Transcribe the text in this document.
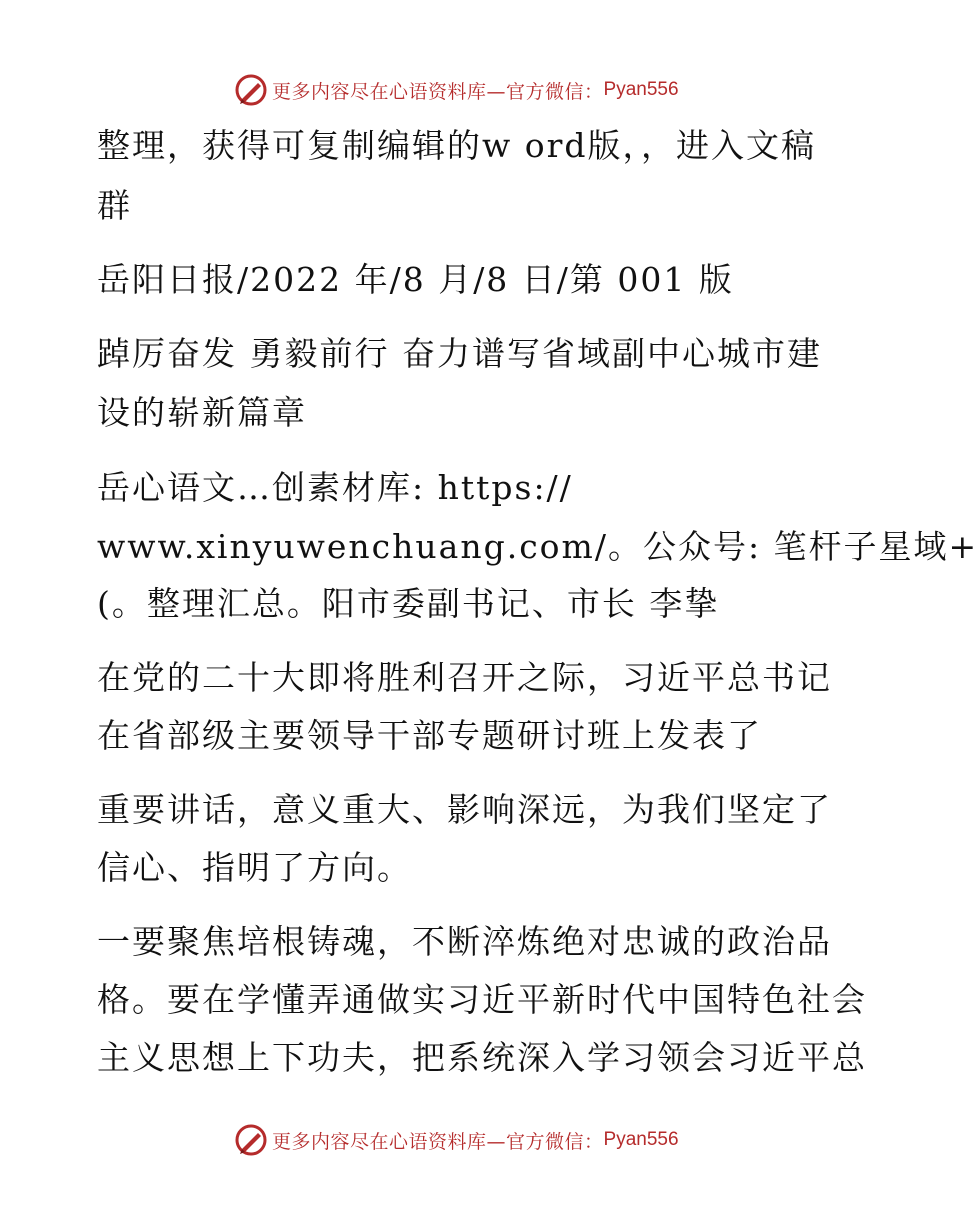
更多内容尽在心语资料库—官方微信： Pyan556
整理，获得可复制编辑的w ord版，，进入文稿
群
岳阳日报/2022 年/8 月/8 日/第 001 版
踔厉奋发 勇毅前行 奋力谱写省域副中心城市建
设的崭新篇章
岳心语文…创素材库: https://
www.xinyuwenchuang.com/。公众号: 笔杆子星域+
(。整理汇总。阳市委副书记、市长 李挚
在党的二十大即将胜利召开之际，习近平总书记
在省部级主要领导干部专题研讨班上发表了
重要讲话，意义重大、影响深远，为我们坚定了
信心、指明了方向。
一要聚焦培根铸魂，不断淬炼绝对忠诚的政治品
格。要在学懂弄通做实习近平新时代中国特色社会
主义思想上下功夫，把系统深入学习领会习近平总
更多内容尽在心语资料库—官方微信： Pyan556
